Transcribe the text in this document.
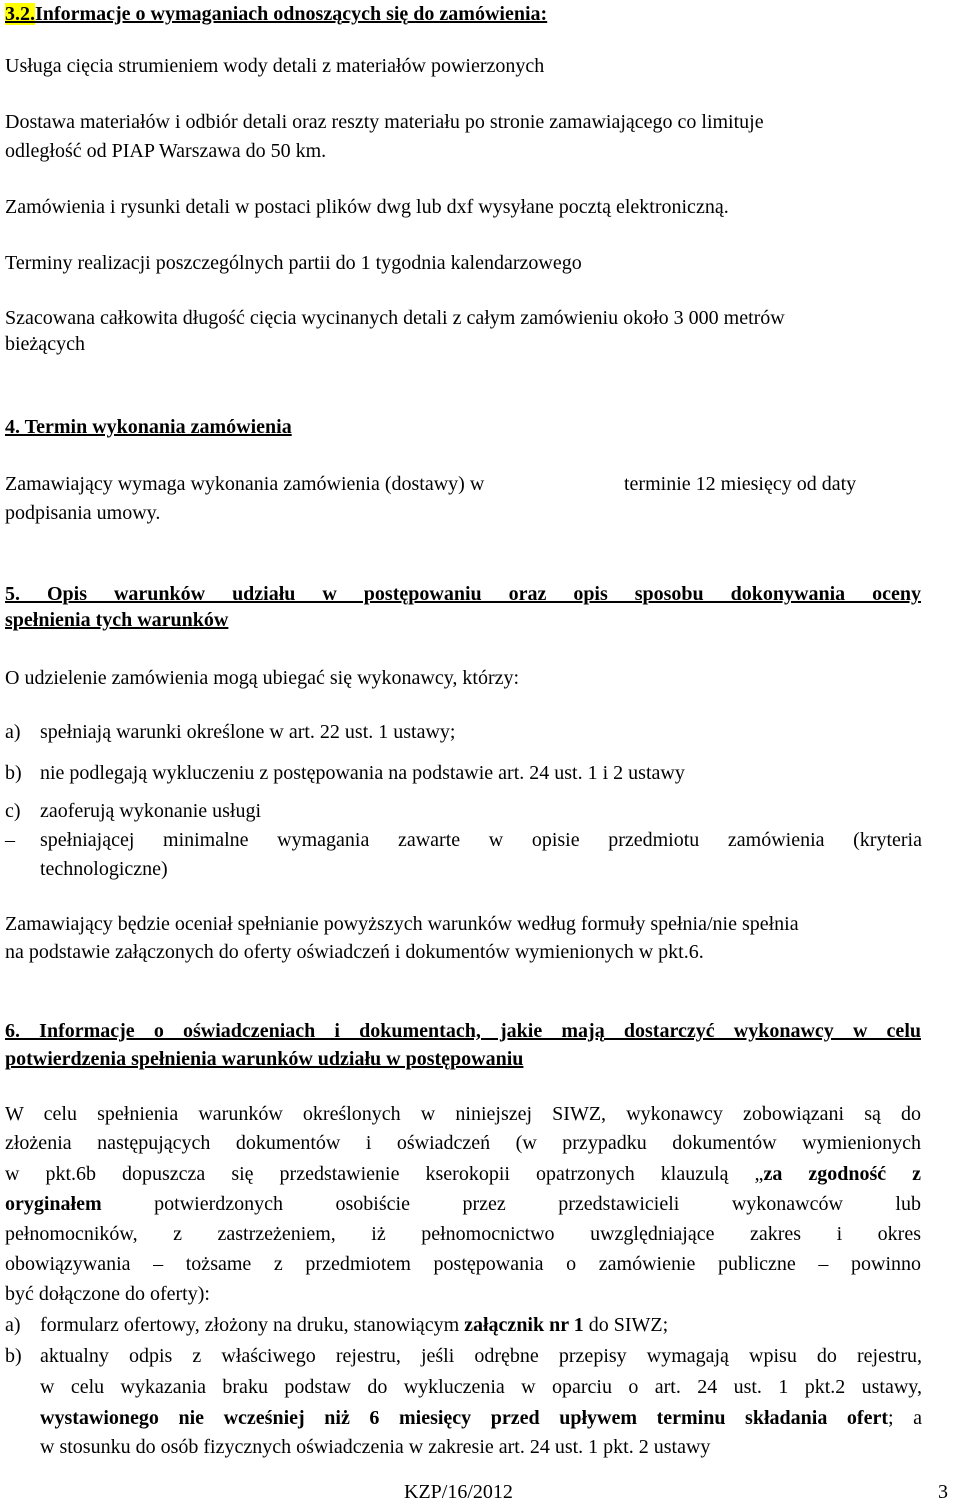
3.2.Informacje o wymaganiach odnoszących się do zamówienia:
Usługa cięcia strumieniem wody detali z materiałów powierzonych
Dostawa materiałów i odbiór detali oraz reszty materiału po stronie zamawiającego co limituje
odległość od PIAP Warszawa do 50 km.
Zamówienia i rysunki detali w postaci plików dwg lub dxf wysyłane pocztą elektroniczną.
Terminy realizacji poszczególnych partii do 1 tygodnia kalendarzowego
Szacowana całkowita długość cięcia wycinanych detali z całym zamówieniu około 3 000 metrów
bieżących
4. Termin wykonania zamówienia
Zamawiający wymaga wykonania zamówienia (dostawy) w	terminie 12 miesięcy od daty
podpisania umowy.
5. Opis warunków udziału w postępowaniu oraz opis sposobu dokonywania oceny
spełnienia tych warunków
O udzielenie zamówienia mogą ubiegać się wykonawcy, którzy:
a) spełniają warunki określone w art. 22 ust. 1 ustawy;
b) nie podlegają wykluczeniu z postępowania na podstawie art. 24 ust. 1 i 2 ustawy
c) zaoferują wykonanie usługi
– spełniającej minimalne wymagania zawarte w opisie przedmiotu zamówienia (kryteria
technologiczne)
Zamawiający będzie oceniał spełnianie powyższych warunków według formuły spełnia/nie spełnia
na podstawie załączonych do oferty oświadczeń i dokumentów wymienionych w pkt.6.
6. Informacje o oświadczeniach i dokumentach, jakie mają dostarczyć wykonawcy w celu
potwierdzenia spełnienia warunków udziału w postępowaniu
W celu spełnienia warunków określonych w niniejszej SIWZ, wykonawcy zobowiązani są do
złożenia następujących dokumentów i oświadczeń (w przypadku dokumentów wymienionych
w pkt.6b dopuszcza się przedstawienie kserokopii opatrzonych klauzulą „za zgodność z
oryginałem potwierdzonych osobiście przez przedstawicieli wykonawców lub
pełnomocników, z zastrzeżeniem, iż pełnomocnictwo uwzględniające zakres i okres
obowiązywania – tożsame z przedmiotem postępowania o zamówienie publiczne – powinno
być dołączone do oferty):
a) formularz ofertowy, złożony na druku, stanowiącym załącznik nr 1 do SIWZ;
b) aktualny odpis z właściwego rejestru, jeśli odrębne przepisy wymagają wpisu do rejestru,
w celu wykazania braku podstaw do wykluczenia w oparciu o art. 24 ust. 1 pkt.2 ustawy,
wystawionego nie wcześniej niż 6 miesięcy przed upływem terminu składania ofert; a
w stosunku do osób fizycznych oświadczenia w zakresie art. 24 ust. 1 pkt. 2 ustawy
KZP/16/2012	3
